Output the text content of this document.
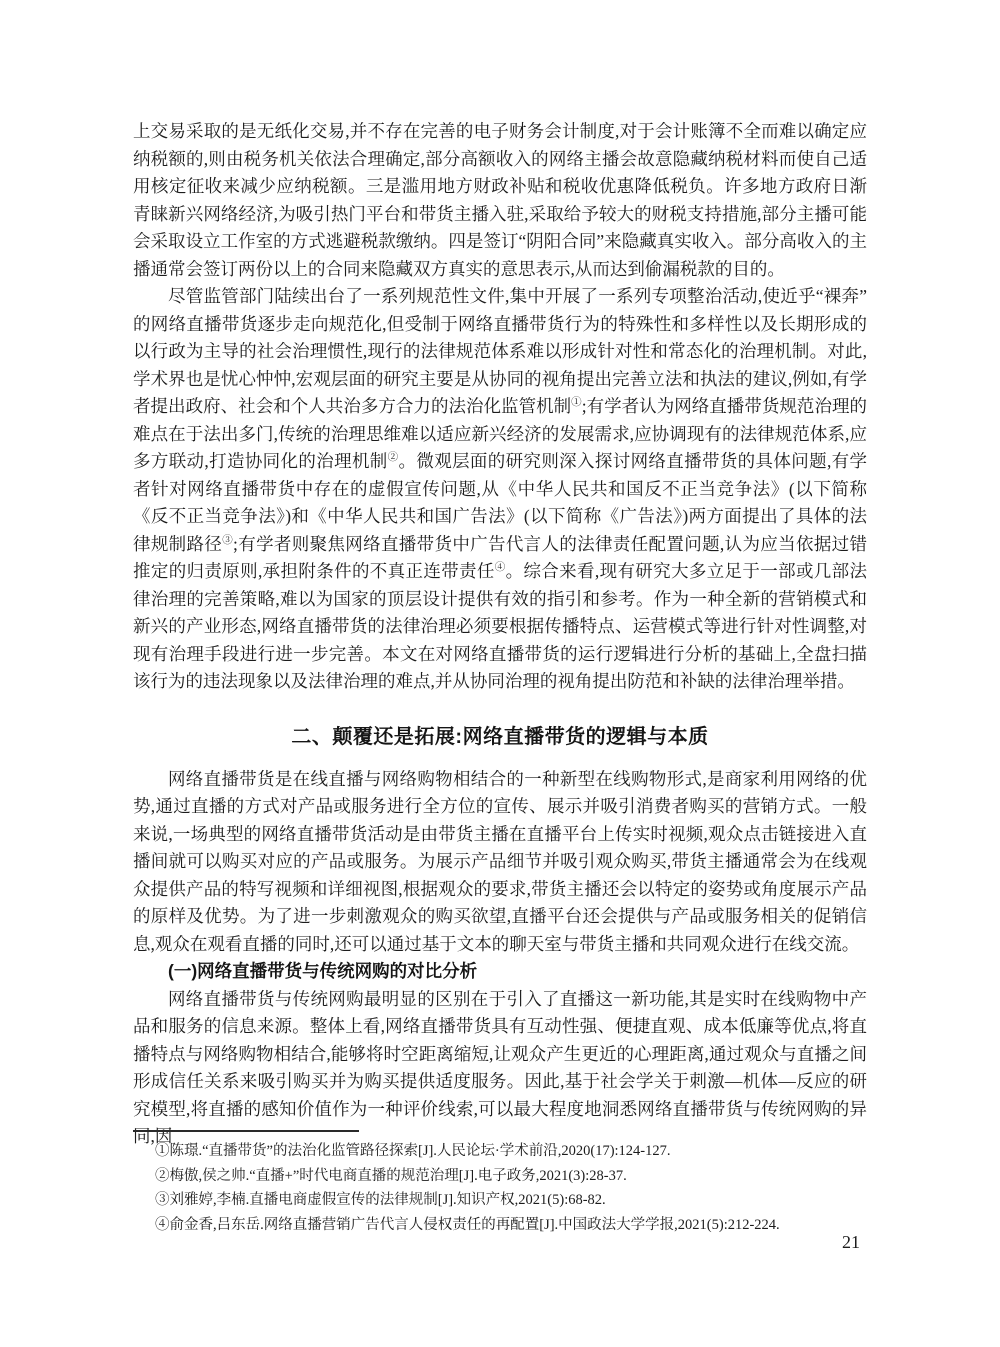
上交易采取的是无纸化交易,并不存在完善的电子财务会计制度,对于会计账簿不全而难以确定应纳税额的,则由税务机关依法合理确定,部分高额收入的网络主播会故意隐藏纳税材料而使自己适用核定征收来减少应纳税额。三是滥用地方财政补贴和税收优惠降低税负。许多地方政府日渐青睐新兴网络经济,为吸引热门平台和带货主播入驻,采取给予较大的财税支持措施,部分主播可能会采取设立工作室的方式逃避税款缴纳。四是签订“阴阳合同”来隐藏真实收入。部分高收入的主播通常会签订两份以上的合同来隐藏双方真实的意思表示,从而达到偷漏税款的目的。

尽管监管部门陆续出台了一系列规范性文件,集中开展了一系列专项整治活动,使近乎“裸奔”的网络直播带货逐步走向规范化,但受制于网络直播带货行为的特殊性和多样性以及长期形成的以行政为主导的社会治理惯性,现行的法律规范体系难以形成针对性和常态化的治理机制。对此,学术界也是忧心忡忡,宏观层面的研究主要是从协同的视角提出完善立法和执法的建议,例如,有学者提出政府、社会和个人共治多方合力的法治化监管机制①;有学者认为网络直播带货规范治理的难点在于法出多门,传统的治理思维难以适应新兴经济的发展需求,应协调现有的法律规范体系,应多方联动,打造协同化的治理机制②。微观层面的研究则深入探讨网络直播带货的具体问题,有学者针对网络直播带货中存在的虚假宣传问题,从《中华人民共和国反不正当竞争法》(以下简称《反不正当竞争法》)和《中华人民共和国广告法》(以下简称《广告法》)两方面提出了具体的法律规制路径③;有学者则聚焦网络直播带货中广告代言人的法律责任配置问题,认为应当依据过错推定的归责原则,承担附条件的不真正连带责任④。综合来看,现有研究大多立足于一部或几部法律治理的完善策略,难以为国家的顶层设计提供有效的指引和参考。作为一种全新的营销模式和新兴的产业形态,网络直播带货的法律治理必须要根据传播特点、运营模式等进行针对性调整,对现有治理手段进行进一步完善。本文在对网络直播带货的运行逻辑进行分析的基础上,全盘扫描该行为的违法现象以及法律治理的难点,并从协同治理的视角提出防范和补缺的法律治理举措。

二、颠覆还是拓展:网络直播带货的逻辑与本质

网络直播带货是在线直播与网络购物相结合的一种新型在线购物形式,是商家利用网络的优势,通过直播的方式对产品或服务进行全方位的宣传、展示并吸引消费者购买的营销方式。一般来说,一场典型的网络直播带货活动是由带货主播在直播平台上传实时视频,观众点击链接进入直播间就可以购买对应的产品或服务。为展示产品细节并吸引观众购买,带货主播通常会为在线观众提供产品的特写视频和详细视图,根据观众的要求,带货主播还会以特定的姿势或角度展示产品的原样及优势。为了进一步刺激观众的购买欲望,直播平台还会提供与产品或服务相关的促销信息,观众在观看直播的同时,还可以通过基于文本的聊天室与带货主播和共同观众进行在线交流。

(一)网络直播带货与传统网购的对比分析

网络直播带货与传统网购最明显的区别在于引入了直播这一新功能,其是实时在线购物中产品和服务的信息来源。整体上看,网络直播带货具有互动性强、便捷直观、成本低廉等优点,将直播特点与网络购物相结合,能够将时空距离缩短,让观众产生更近的心理距离,通过观众与直播之间形成信任关系来吸引购买并为购买提供适度服务。因此,基于社会学关于刺激—机体—反应的研究模型,将直播的感知价值作为一种评价线索,可以最大程度地洞悉网络直播带货与传统网购的异同,因

①陈璟.“直播带货”的法治化监管路径探索[J].人民论坛·学术前沿,2020(17):124-127.

②梅傲,侯之帅.“直播+”时代电商直播的规范治理[J].电子政务,2021(3):28-37.

③刘雅婷,李楠.直播电商虚假宣传的法律规制[J].知识产权,2021(5):68-82.

④俞金香,吕东岳.网络直播营销广告代言人侵权责任的再配置[J].中国政法大学学报,2021(5):212-224.

21
